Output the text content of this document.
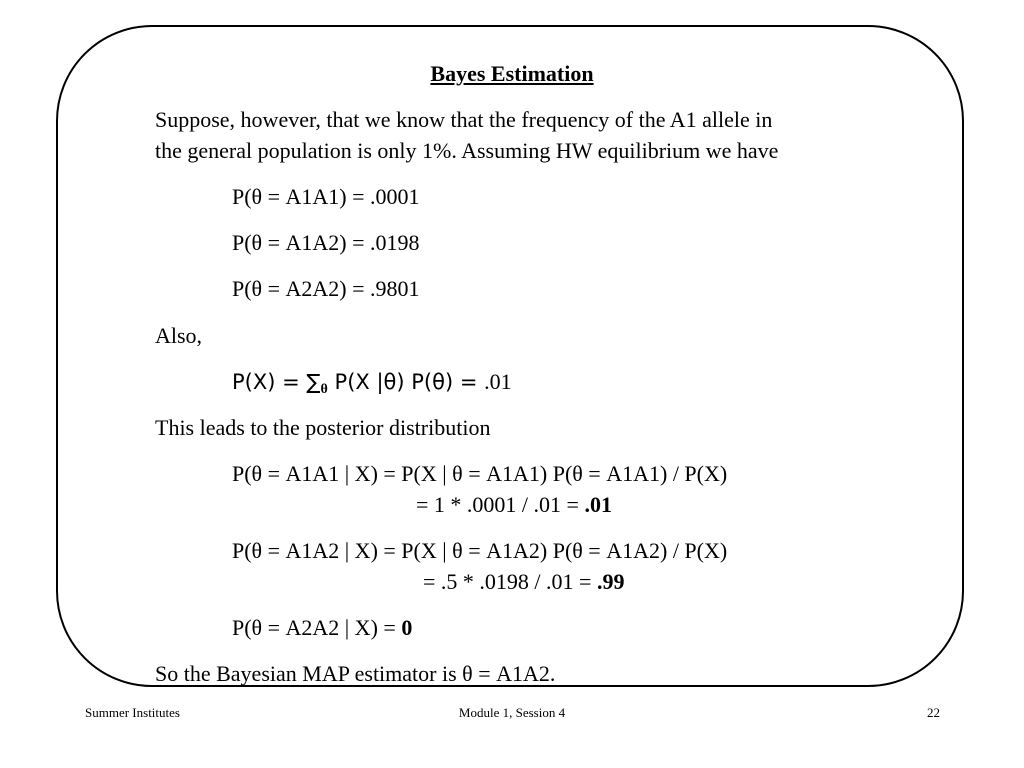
Bayes Estimation
Suppose, however, that we know that the frequency of the A1 allele in
the general population is only 1%. Assuming HW equilibrium we have
P(θ = A1A1) = .0001
P(θ = A1A2) = .0198
P(θ = A2A2) = .9801
Also,
P(X) = ∑θ P(X |θ) P(θ) = .01
This leads to the posterior distribution
P(θ = A1A1 | X) = P(X | θ = A1A1) P(θ = A1A1) / P(X)
= 1 * .0001 / .01 = .01
P(θ = A1A2 | X) = P(X | θ = A1A2) P(θ = A1A2) / P(X)
= .5 * .0198 / .01 = .99
P(θ = A2A2 | X) = 0
So the Bayesian MAP estimator is θ = A1A2.
Summer Institutes	Module 1, Session 4	22
